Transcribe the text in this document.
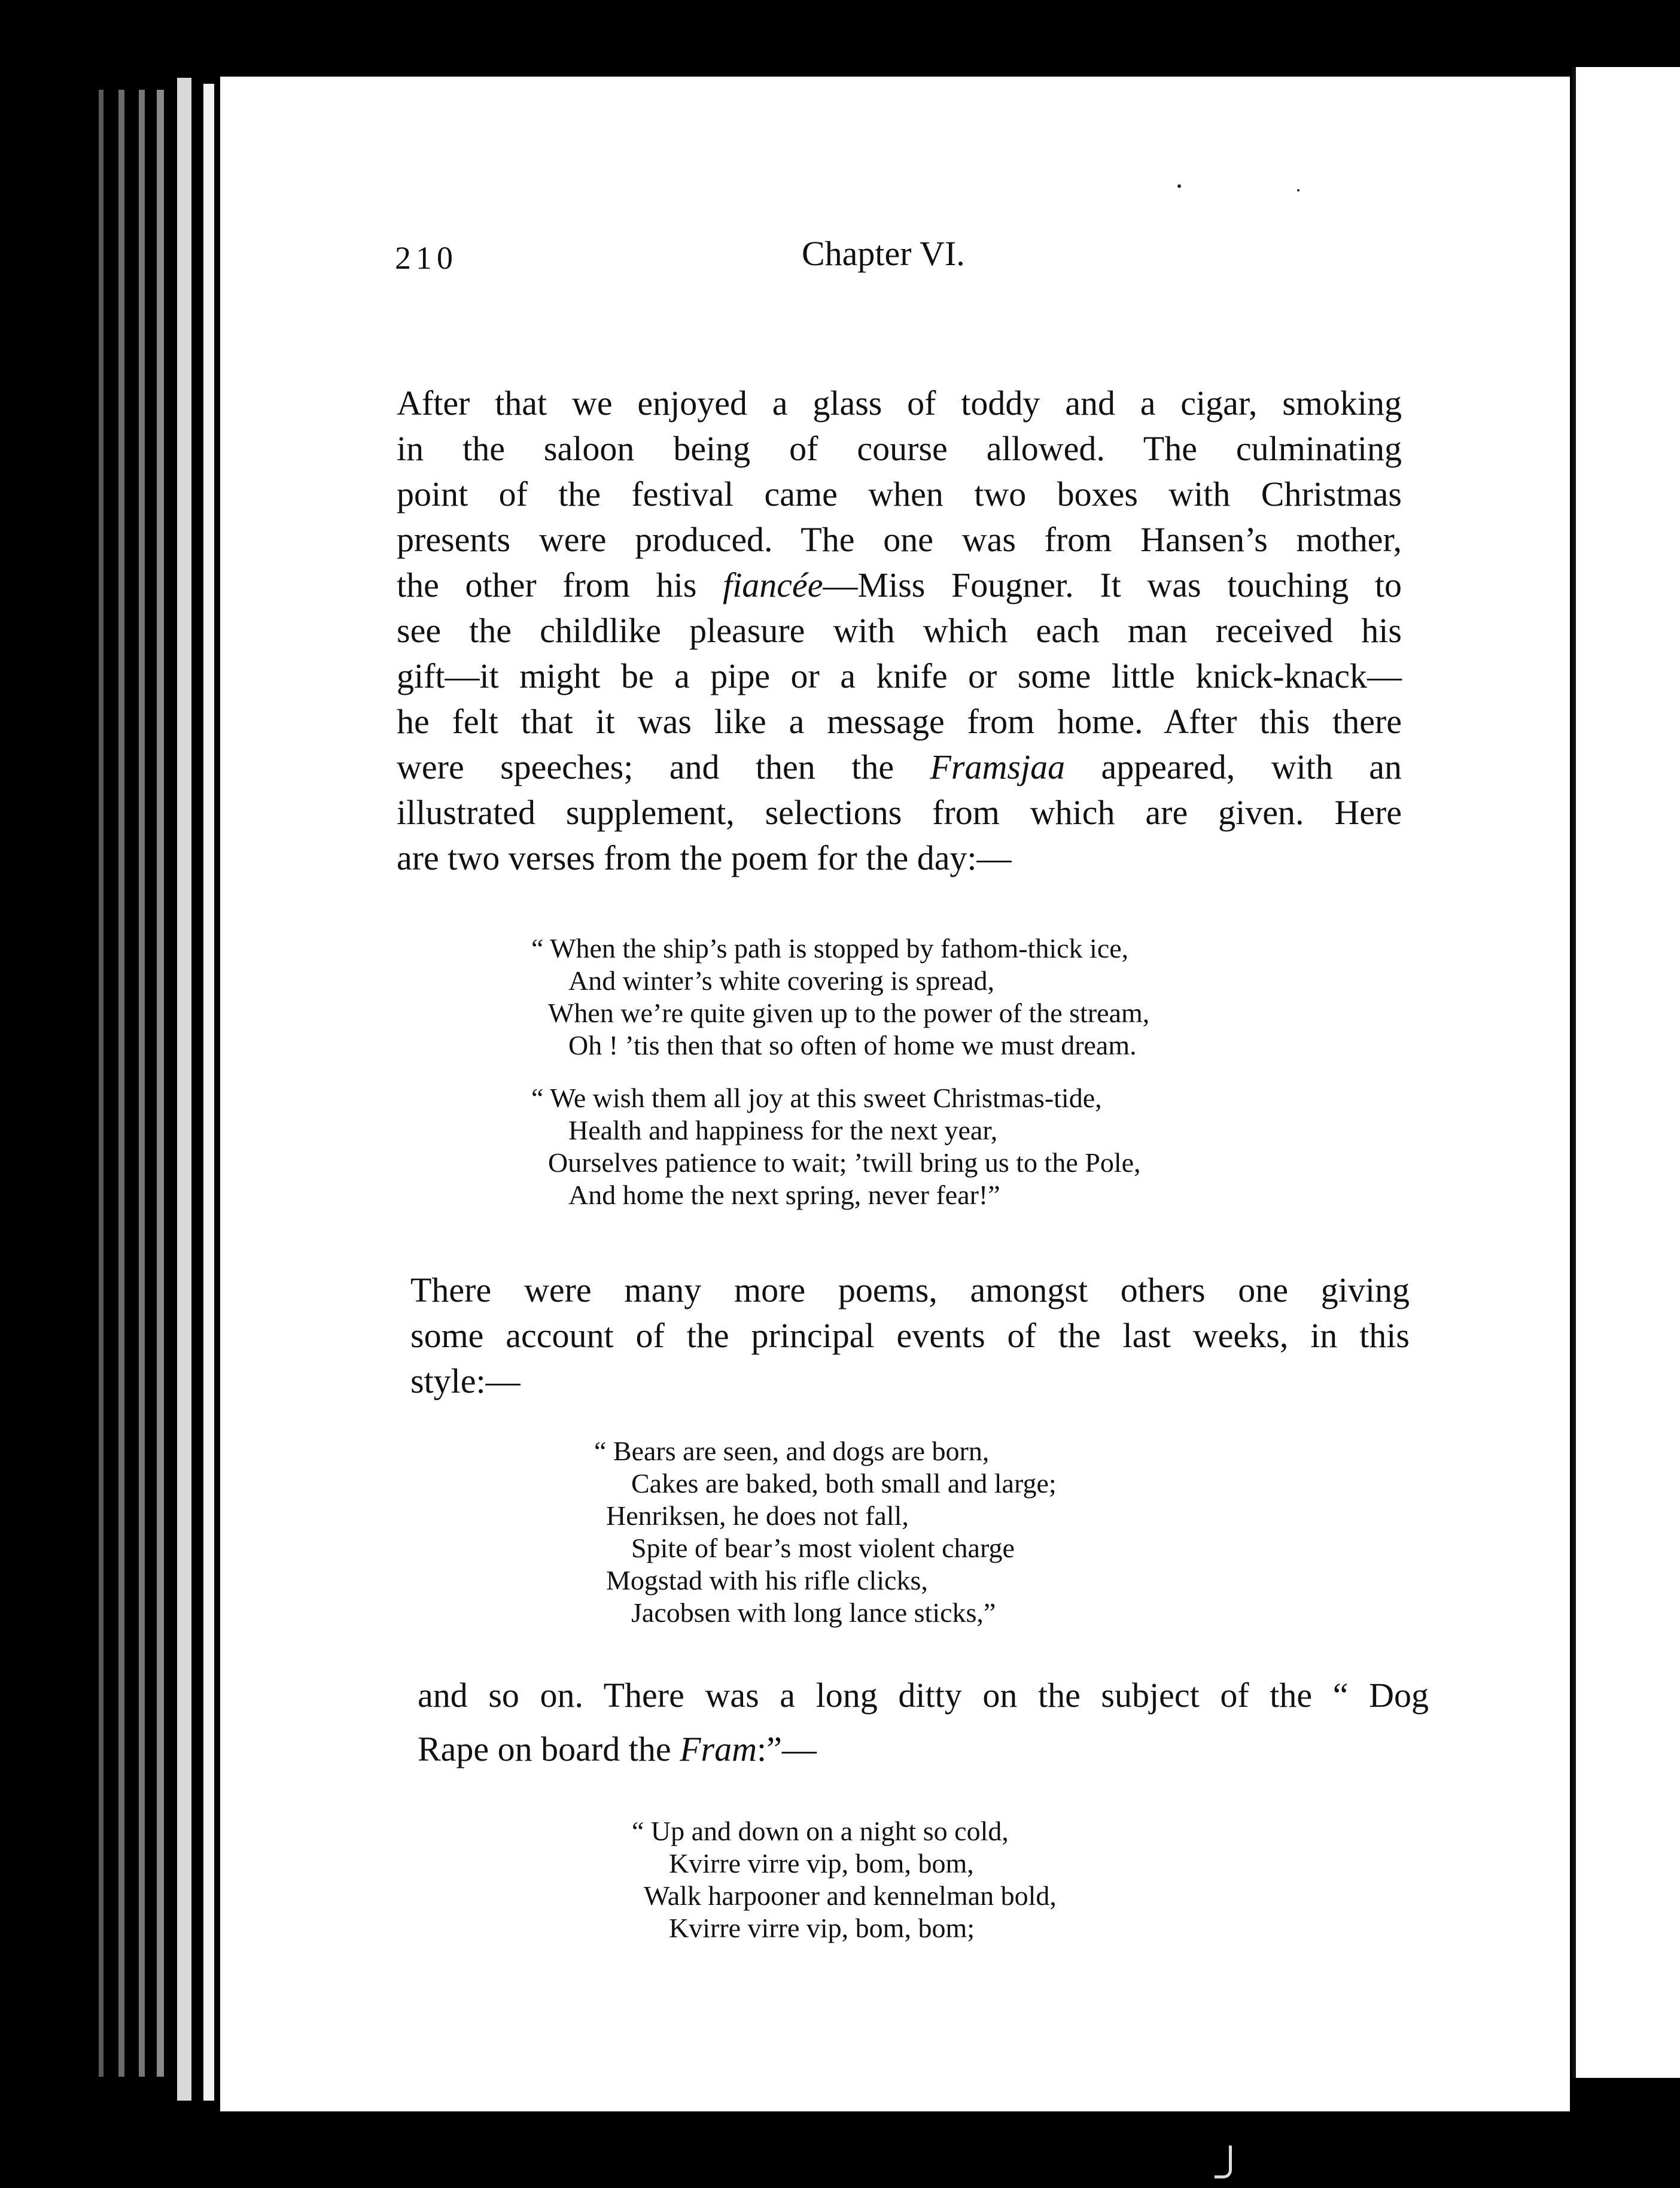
210	Chapter VI.
After that we enjoyed a glass of toddy and a cigar, smoking
in the saloon being of course allowed. The culminating
point of the festival came when two boxes with Christmas
presents were produced. The one was from Hansen’s mother,
the other from his fiancée—Miss Fougner. It was touching to
see the childlike pleasure with which each man received his
gift—it might be a pipe or a knife or some little knick-knack—
he felt that it was like a message from home. After this there
were speeches; and then the Framsjaa appeared, with an
illustrated supplement, selections from which are given. Here
are two verses from the poem for the day:—
“ When the ship’s path is stopped by fathom-thick ice,
And winter’s white covering is spread,
When we’re quite given up to the power of the stream,
Oh ! ’tis then that so often of home we must dream.
“ We wish them all joy at this sweet Christmas-tide,
Health and happiness for the next year,
Ourselves patience to wait; ’twill bring us to the Pole,
And home the next spring, never fear!”
There were many more poems, amongst others one giving
some account of the principal events of the last weeks, in this
style:—
“ Bears are seen, and dogs are born,
Cakes are baked, both small and large;
Henriksen, he does not fall,
Spite of bear’s most violent charge
Mogstad with his rifle clicks,
Jacobsen with long lance sticks,”
and so on. There was a long ditty on the subject of the “ Dog
Rape on board the Fram:”—
“ Up and down on a night so cold,
Kvirre virre vip, bom, bom,
Walk harpooner and kennelman bold,
Kvirre virre vip, bom, bom;
